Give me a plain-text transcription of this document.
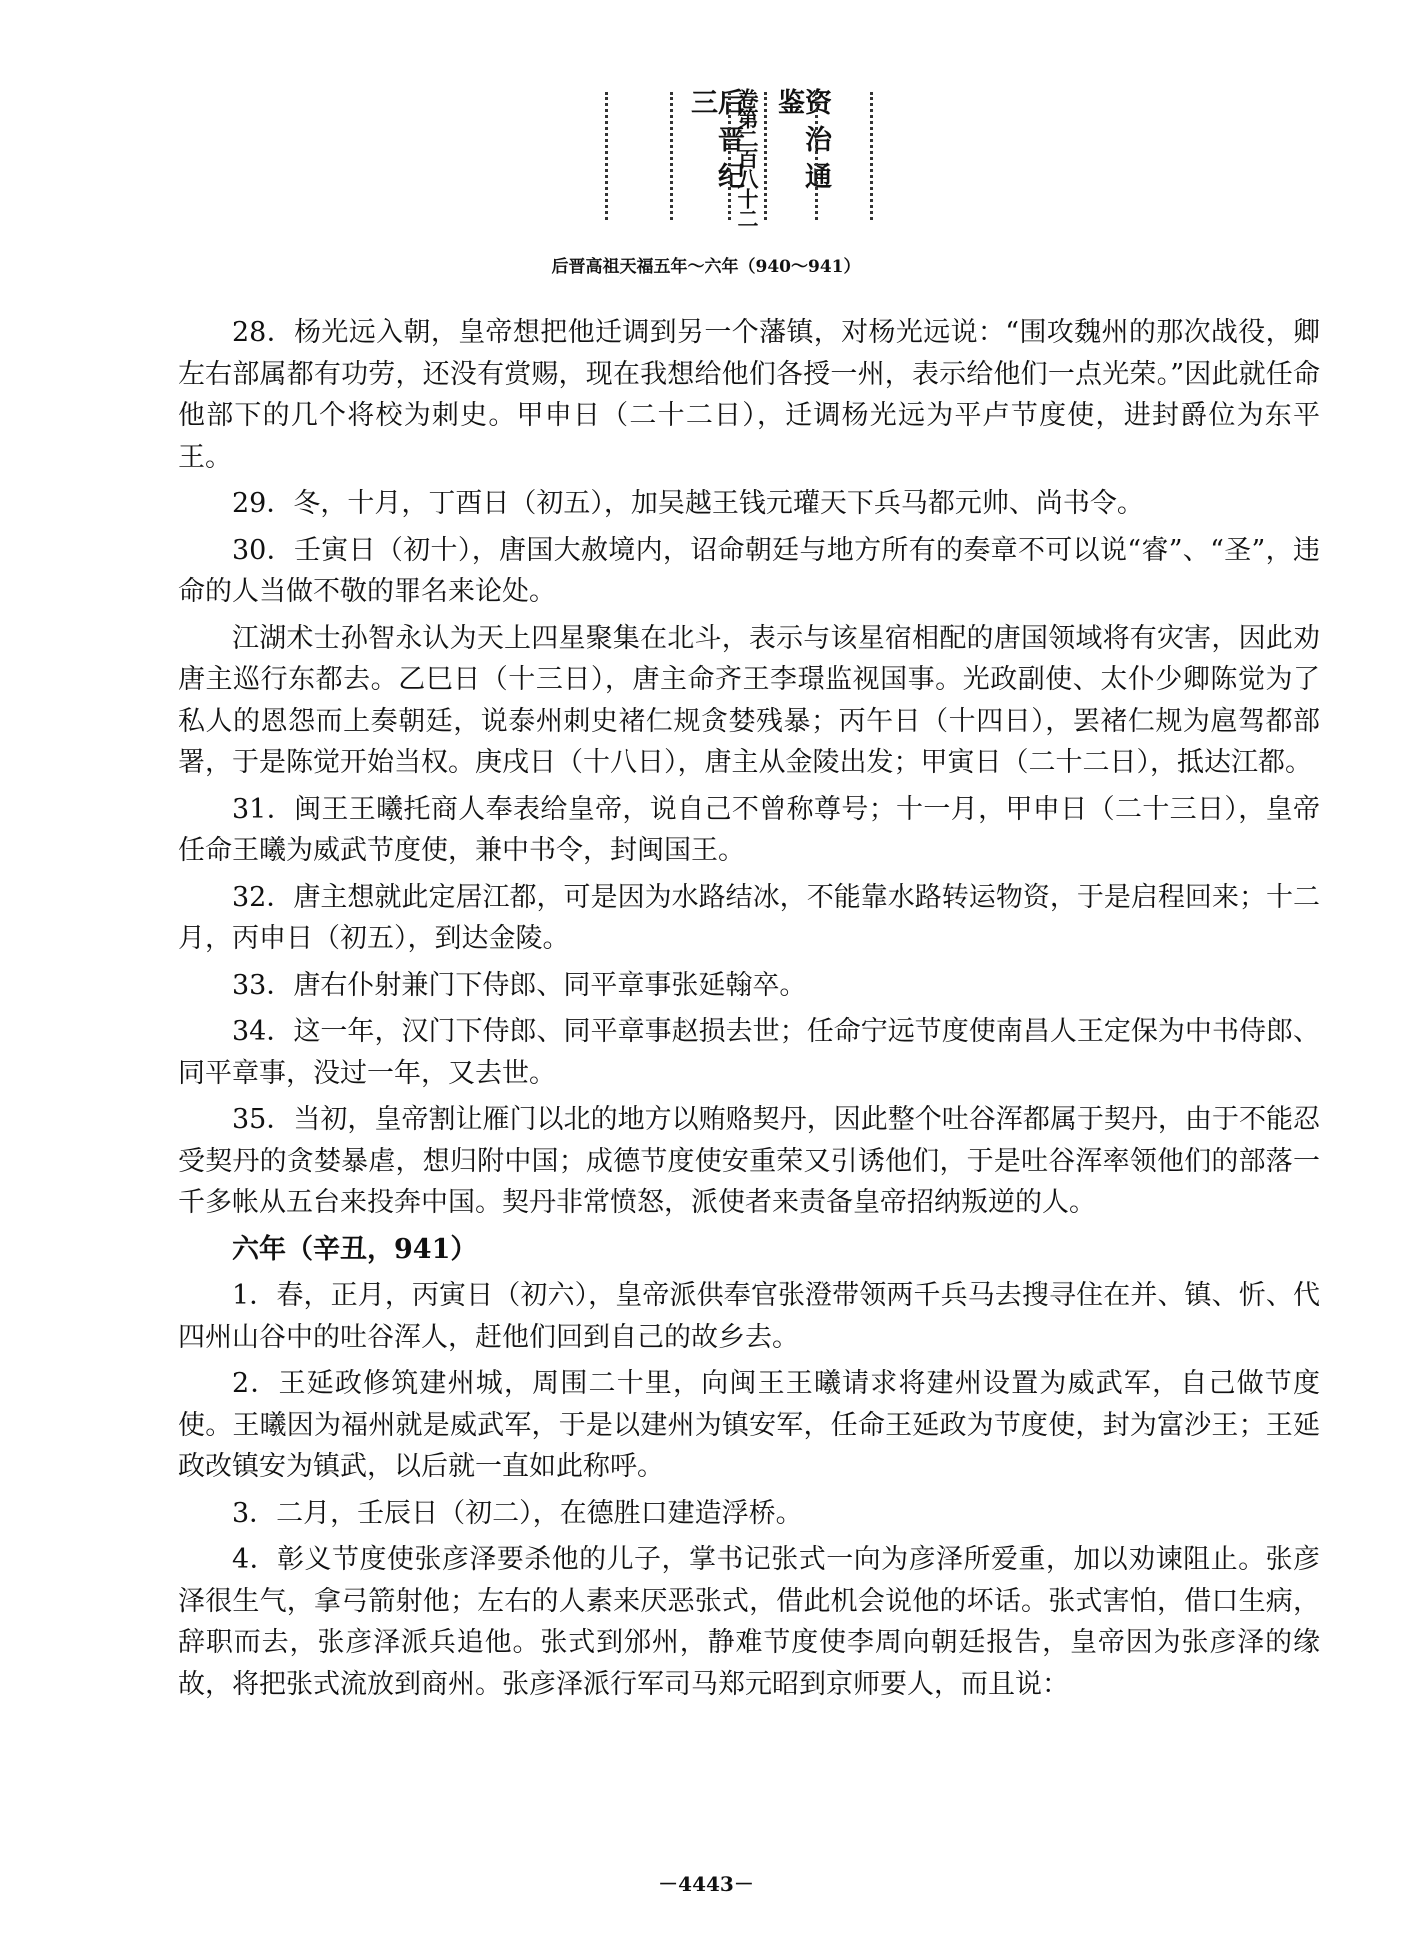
后晋纪三 卷第二百八十二	资治通鉴
后晋高祖天福五年～六年（940～941）

28．杨光远入朝，皇帝想把他迁调到另一个藩镇，对杨光远说：“围攻魏州的那次战役，卿左右部属都有功劳，还没有赏赐，现在我想给他们各授一州，表示给他们一点光荣。”因此就任命他部下的几个将校为刺史。甲申日（二十二日），迁调杨光远为平卢节度使，进封爵位为东平王。

29．冬，十月，丁酉日（初五），加吴越王钱元瓘天下兵马都元帅、尚书令。

30．壬寅日（初十），唐国大赦境内，诏命朝廷与地方所有的奏章不可以说“睿”、“圣”，违命的人当做不敬的罪名来论处。

江湖术士孙智永认为天上四星聚集在北斗，表示与该星宿相配的唐国领域将有灾害，因此劝唐主巡行东都去。乙巳日（十三日），唐主命齐王李璟监视国事。光政副使、太仆少卿陈觉为了私人的恩怨而上奏朝廷，说泰州刺史褚仁规贪婪残暴；丙午日（十四日），罢褚仁规为扈驾都部署，于是陈觉开始当权。庚戌日（十八日），唐主从金陵出发；甲寅日（二十二日），抵达江都。

31．闽王王曦托商人奉表给皇帝，说自己不曾称尊号；十一月，甲申日（二十三日），皇帝任命王曦为威武节度使，兼中书令，封闽国王。

32．唐主想就此定居江都，可是因为水路结冰，不能靠水路转运物资，于是启程回来；十二月，丙申日（初五），到达金陵。

33．唐右仆射兼门下侍郎、同平章事张延翰卒。

34．这一年，汉门下侍郎、同平章事赵损去世；任命宁远节度使南昌人王定保为中书侍郎、同平章事，没过一年，又去世。

35．当初，皇帝割让雁门以北的地方以贿赂契丹，因此整个吐谷浑都属于契丹，由于不能忍受契丹的贪婪暴虐，想归附中国；成德节度使安重荣又引诱他们，于是吐谷浑率领他们的部落一千多帐从五台来投奔中国。契丹非常愤怒，派使者来责备皇帝招纳叛逆的人。

六年（辛丑，941）

1．春，正月，丙寅日（初六），皇帝派供奉官张澄带领两千兵马去搜寻住在并、镇、忻、代四州山谷中的吐谷浑人，赶他们回到自己的故乡去。

2．王延政修筑建州城，周围二十里，向闽王王曦请求将建州设置为威武军，自己做节度使。王曦因为福州就是威武军，于是以建州为镇安军，任命王延政为节度使，封为富沙王；王延政改镇安为镇武，以后就一直如此称呼。

3．二月，壬辰日（初二），在德胜口建造浮桥。

4．彰义节度使张彦泽要杀他的儿子，掌书记张式一向为彦泽所爱重，加以劝谏阻止。张彦泽很生气，拿弓箭射他；左右的人素来厌恶张式，借此机会说他的坏话。张式害怕，借口生病，辞职而去，张彦泽派兵追他。张式到邠州，静难节度使李周向朝廷报告，皇帝因为张彦泽的缘故，将把张式流放到商州。张彦泽派行军司马郑元昭到京师要人，而且说：

－4443－
